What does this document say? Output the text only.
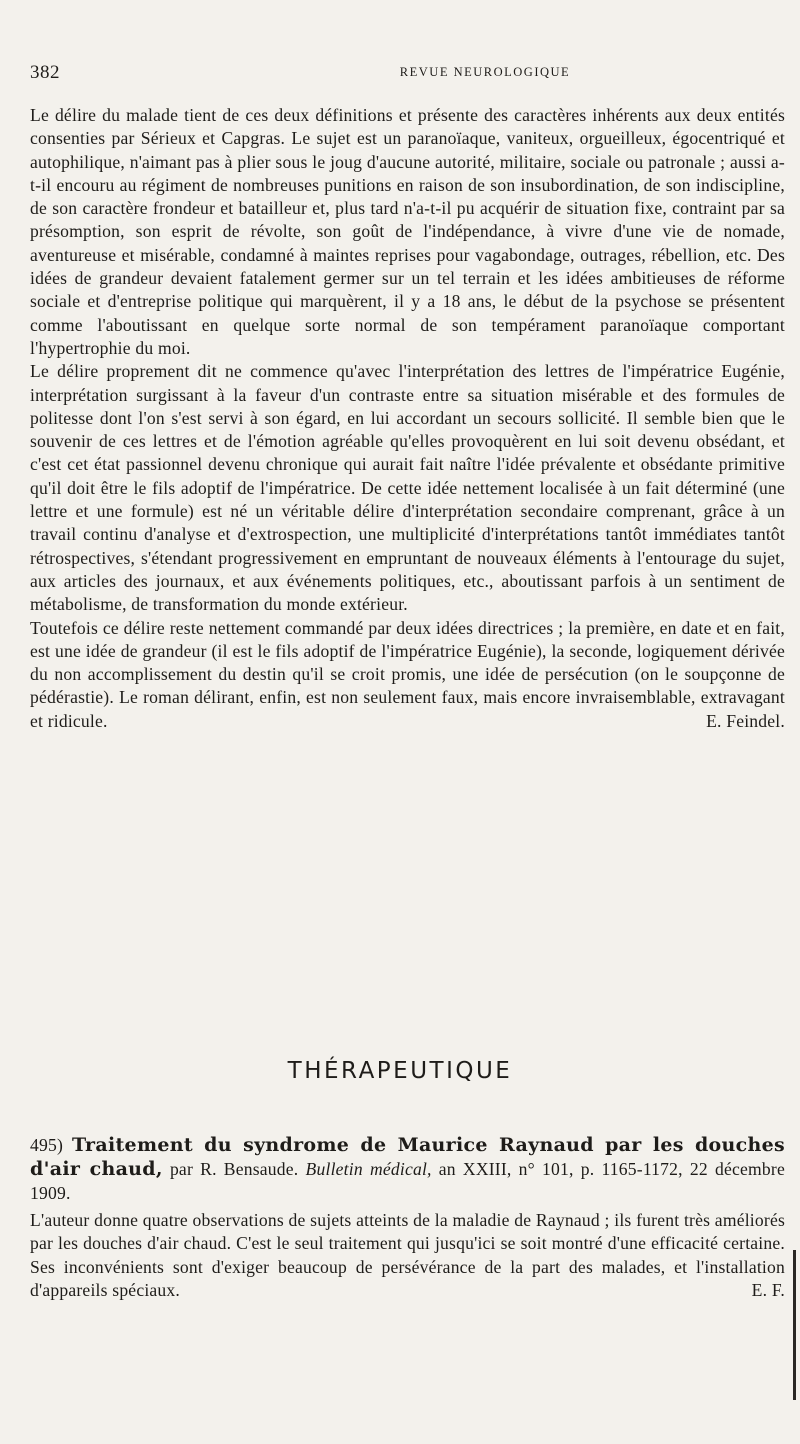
382	REVUE NEUROLOGIQUE

Le délire du malade tient de ces deux définitions et présente des caractères inhérents aux deux entités consenties par Sérieux et Capgras. Le sujet est un paranoïaque, vaniteux, orgueilleux, égocentriqué et autophilique, n'aimant pas à plier sous le joug d'aucune autorité, militaire, sociale ou patronale ; aussi a-t-il encouru au régiment de nombreuses punitions en raison de son insubordination, de son indiscipline, de son caractère frondeur et batailleur et, plus tard n'a-t-il pu acquérir de situation fixe, contraint par sa présomption, son esprit de révolte, son goût de l'indépendance, à vivre d'une vie de nomade, aventureuse et misérable, condamné à maintes reprises pour vagabondage, outrages, rébellion, etc. Des idées de grandeur devaient fatalement germer sur un tel terrain et les idées ambitieuses de réforme sociale et d'entreprise politique qui marquèrent, il y a 18 ans, le début de la psychose se présentent comme l'aboutissant en quelque sorte normal de son tempérament paranoïaque comportant l'hypertrophie du moi.

Le délire proprement dit ne commence qu'avec l'interprétation des lettres de l'impératrice Eugénie, interprétation surgissant à la faveur d'un contraste entre sa situation misérable et des formules de politesse dont l'on s'est servi à son égard, en lui accordant un secours sollicité. Il semble bien que le souvenir de ces lettres et de l'émotion agréable qu'elles provoquèrent en lui soit devenu obsédant, et c'est cet état passionnel devenu chronique qui aurait fait naître l'idée prévalente et obsédante primitive qu'il doit être le fils adoptif de l'impératrice. De cette idée nettement localisée à un fait déterminé (une lettre et une formule) est né un véritable délire d'interprétation secondaire comprenant, grâce à un travail continu d'analyse et d'extrospection, une multiplicité d'interprétations tantôt immédiates tantôt rétrospectives, s'étendant progressivement en empruntant de nouveaux éléments à l'entourage du sujet, aux articles des journaux, et aux événements politiques, etc., aboutissant parfois à un sentiment de métabolisme, de transformation du monde extérieur.

Toutefois ce délire reste nettement commandé par deux idées directrices ; la première, en date et en fait, est une idée de grandeur (il est le fils adoptif de l'impératrice Eugénie), la seconde, logiquement dérivée du non accomplissement du destin qu'il se croit promis, une idée de persécution (on le soupçonne de pédérastie). Le roman délirant, enfin, est non seulement faux, mais encore invraisemblable, extravagant et ridicule.	E. Feindel.

THÉRAPEUTIQUE

495) Traitement du syndrome de Maurice Raynaud par les douches d'air chaud, par R. Bensaude. Bulletin médical, an XXIII, n° 101, p. 1165-1172, 22 décembre 1909.

L'auteur donne quatre observations de sujets atteints de la maladie de Raynaud ; ils furent très améliorés par les douches d'air chaud. C'est le seul traitement qui jusqu'ici se soit montré d'une efficacité certaine. Ses inconvénients sont d'exiger beaucoup de persévérance de la part des malades, et l'installation d'appareils spéciaux.	E. F.
